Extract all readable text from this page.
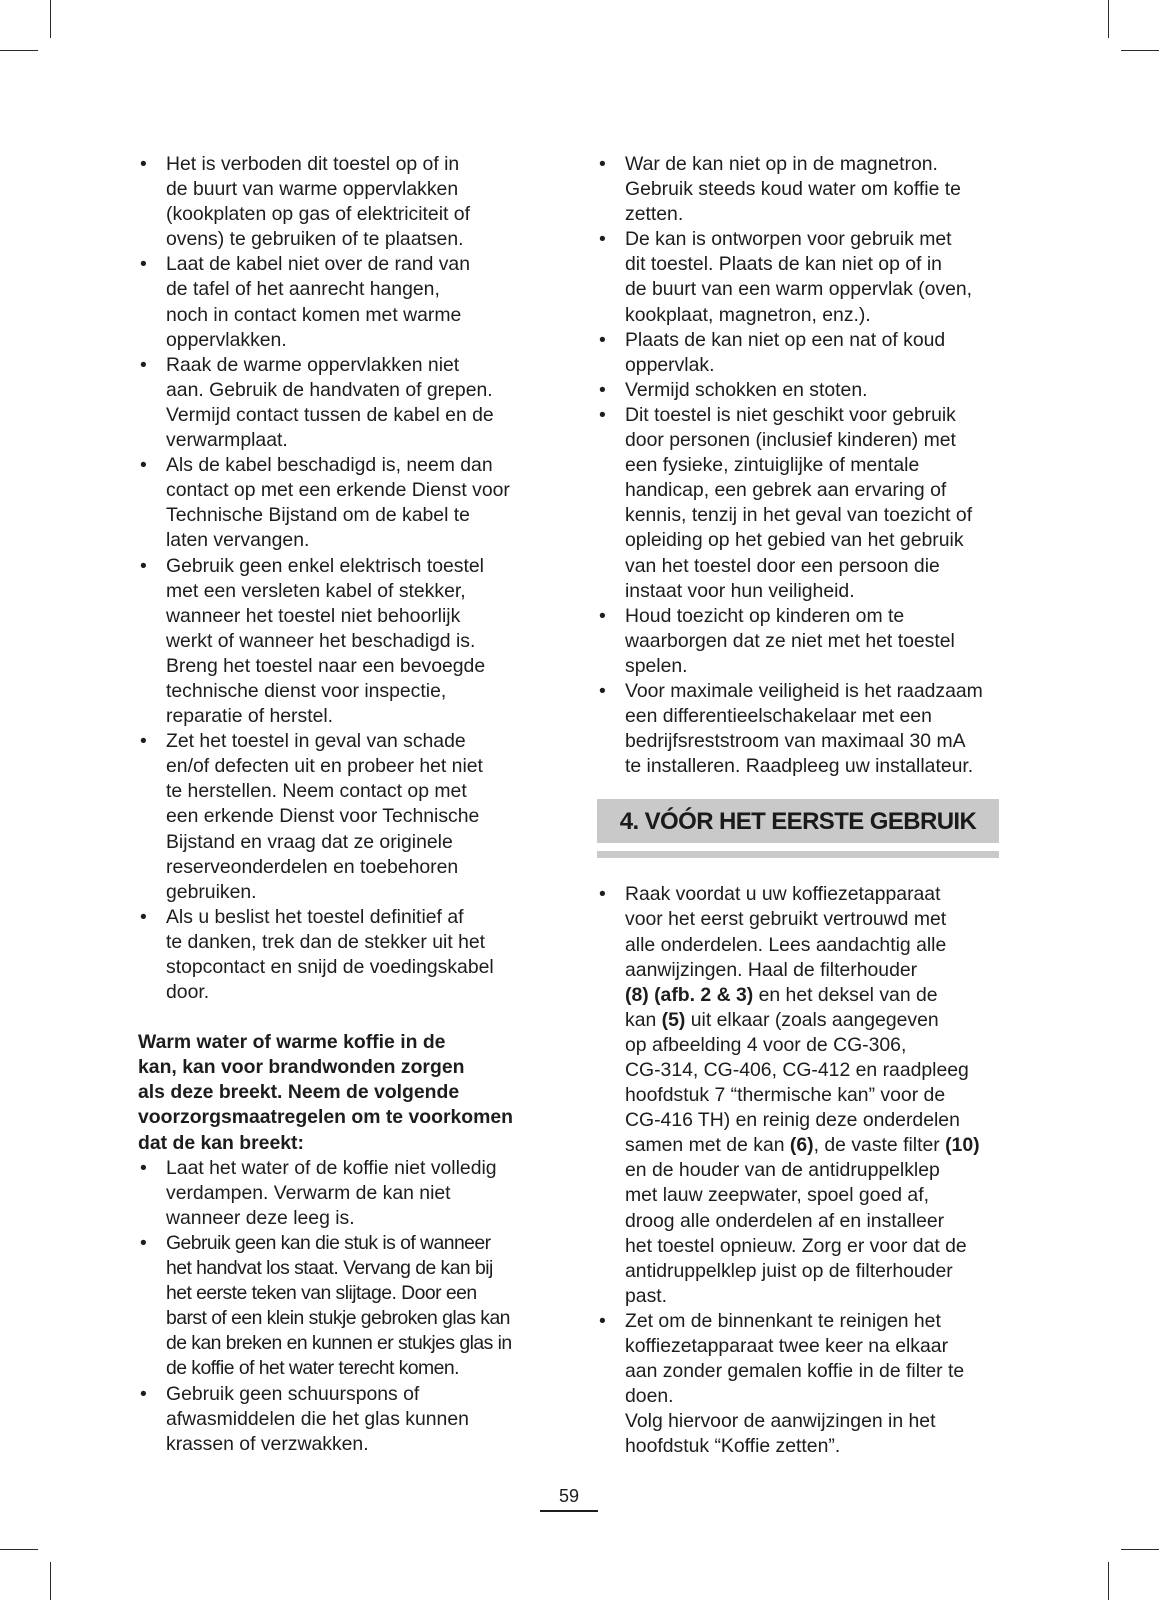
• Het is verboden dit toestel op of in
de buurt van warme oppervlakken
(kookplaten op gas of elektriciteit of
ovens) te gebruiken of te plaatsen.
• Laat de kabel niet over de rand van
de tafel of het aanrecht hangen,
noch in contact komen met warme
oppervlakken.
• Raak de warme oppervlakken niet
aan. Gebruik de handvaten of grepen.
Vermijd contact tussen de kabel en de
verwarmplaat.
• Als de kabel beschadigd is, neem dan
contact op met een erkende Dienst voor
Technische Bijstand om de kabel te
laten vervangen.
• Gebruik geen enkel elektrisch toestel
met een versleten kabel of stekker,
wanneer het toestel niet behoorlijk
werkt of wanneer het beschadigd is.
Breng het toestel naar een bevoegde
technische dienst voor inspectie,
reparatie of herstel.
• Zet het toestel in geval van schade
en/of defecten uit en probeer het niet
te herstellen. Neem contact op met
een erkende Dienst voor Technische
Bijstand en vraag dat ze originele
reserveonderdelen en toebehoren
gebruiken.
• Als u beslist het toestel definitief af
te danken, trek dan de stekker uit het
stopcontact en snijd de voedingskabel
door.
Warm water of warme koffie in de
kan, kan voor brandwonden zorgen
als deze breekt. Neem de volgende
voorzorgsmaatregelen om te voorkomen
dat de kan breekt:
• Laat het water of de koffie niet volledig
verdampen. Verwarm de kan niet
wanneer deze leeg is.
• Gebruik geen kan die stuk is of wanneer
het handvat los staat. Vervang de kan bij
het eerste teken van slijtage. Door een
barst of een klein stukje gebroken glas kan
de kan breken en kunnen er stukjes glas in
de koffie of het water terecht komen.
• Gebruik geen schuurspons of
afwasmiddelen die het glas kunnen
krassen of verzwakken.
• War de kan niet op in de magnetron.
Gebruik steeds koud water om koffie te
zetten.
• De kan is ontworpen voor gebruik met
dit toestel. Plaats de kan niet op of in
de buurt van een warm oppervlak (oven,
kookplaat, magnetron, enz.).
• Plaats de kan niet op een nat of koud
oppervlak.
• Vermijd schokken en stoten.
• Dit toestel is niet geschikt voor gebruik
door personen (inclusief kinderen) met
een fysieke, zintuiglijke of mentale
handicap, een gebrek aan ervaring of
kennis, tenzij in het geval van toezicht of
opleiding op het gebied van het gebruik
van het toestel door een persoon die
instaat voor hun veiligheid.
• Houd toezicht op kinderen om te
waarborgen dat ze niet met het toestel
spelen.
• Voor maximale veiligheid is het raadzaam
een differentieelschakelaar met een
bedrijfsreststroom van maximaal 30 mA
te installeren. Raadpleeg uw installateur.
4. VÓÓR HET EERSTE GEBRUIK
• Raak voordat u uw koffiezetapparaat
voor het eerst gebruikt vertrouwd met
alle onderdelen. Lees aandachtig alle
aanwijzingen. Haal de filterhouder
(8) (afb. 2 & 3) en het deksel van de
kan (5) uit elkaar (zoals aangegeven
op afbeelding 4 voor de CG-306,
CG-314, CG-406, CG-412 en raadpleeg
hoofdstuk 7 “thermische kan” voor de
CG-416 TH) en reinig deze onderdelen
samen met de kan (6), de vaste filter (10)
en de houder van de antidruppelklep
met lauw zeepwater, spoel goed af,
droog alle onderdelen af en installeer
het toestel opnieuw. Zorg er voor dat de
antidruppelklep juist op de filterhouder
past.
• Zet om de binnenkant te reinigen het
koffiezetapparaat twee keer na elkaar
aan zonder gemalen koffie in de filter te
doen.
Volg hiervoor de aanwijzingen in het
hoofdstuk “Koffie zetten”.
59
